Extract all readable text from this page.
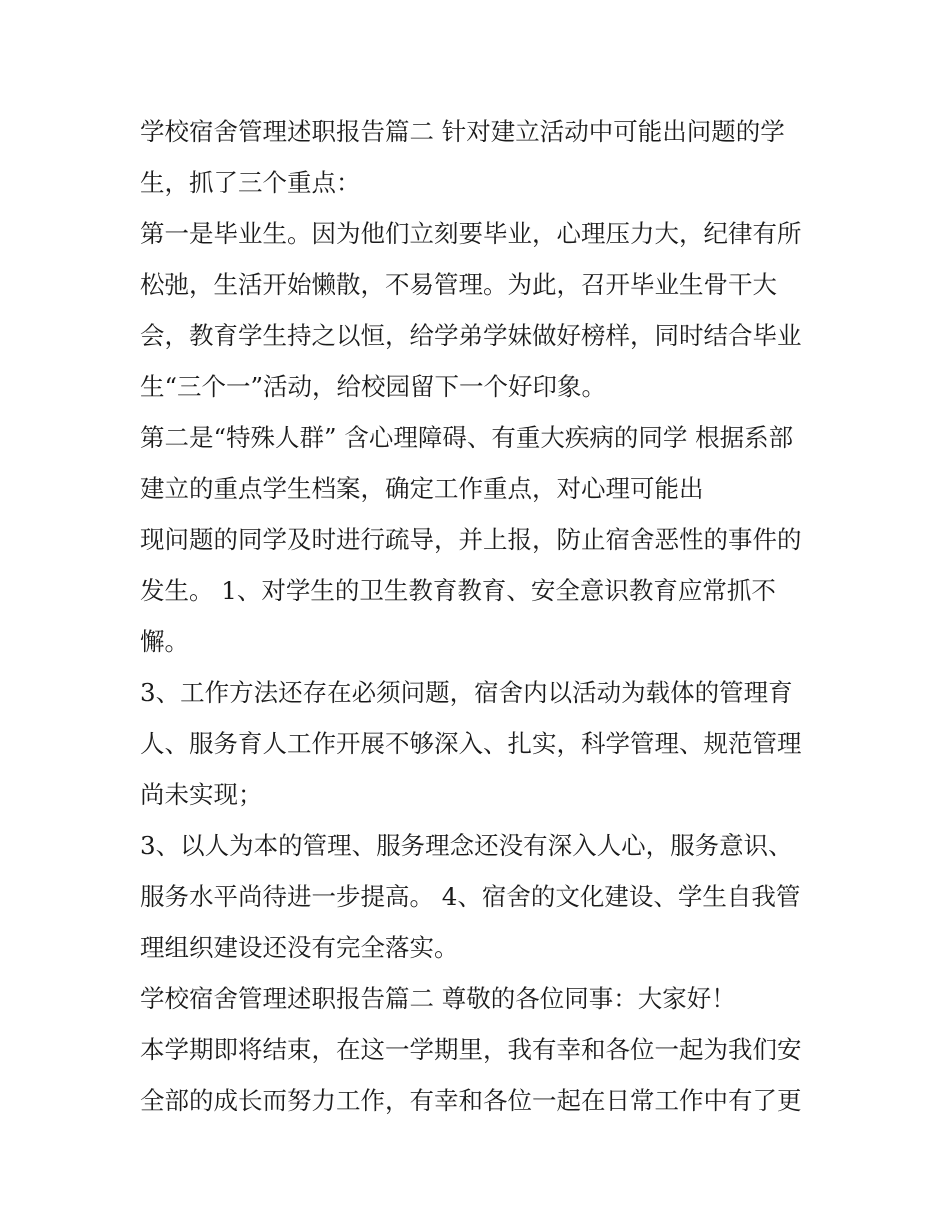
学校宿舍管理述职报告篇二 针对建立活动中可能出问题的学
生，抓了三个重点：
第一是毕业生。因为他们立刻要毕业，心理压力大，纪律有所
松弛，生活开始懒散，不易管理。为此，召开毕业生骨干大
会，教育学生持之以恒，给学弟学妹做好榜样，同时结合毕业
生“三个一”活动，给校园留下一个好印象。
第二是“特殊人群” 含心理障碍、有重大疾病的同学 根据系部
建立的重点学生档案，确定工作重点，对心理可能出
现问题的同学及时进行疏导，并上报，防止宿舍恶性的事件的
发生。 1、对学生的卫生教育教育、安全意识教育应常抓不
懈。
3、工作方法还存在必须问题，宿舍内以活动为载体的管理育
人、服务育人工作开展不够深入、扎实，科学管理、规范管理
尚未实现；
3、以人为本的管理、服务理念还没有深入人心，服务意识、
服务水平尚待进一步提高。 4、宿舍的文化建设、学生自我管
理组织建设还没有完全落实。
学校宿舍管理述职报告篇二 尊敬的各位同事：大家好！
本学期即将结束，在这一学期里，我有幸和各位一起为我们安
全部的成长而努力工作，有幸和各位一起在日常工作中有了更
